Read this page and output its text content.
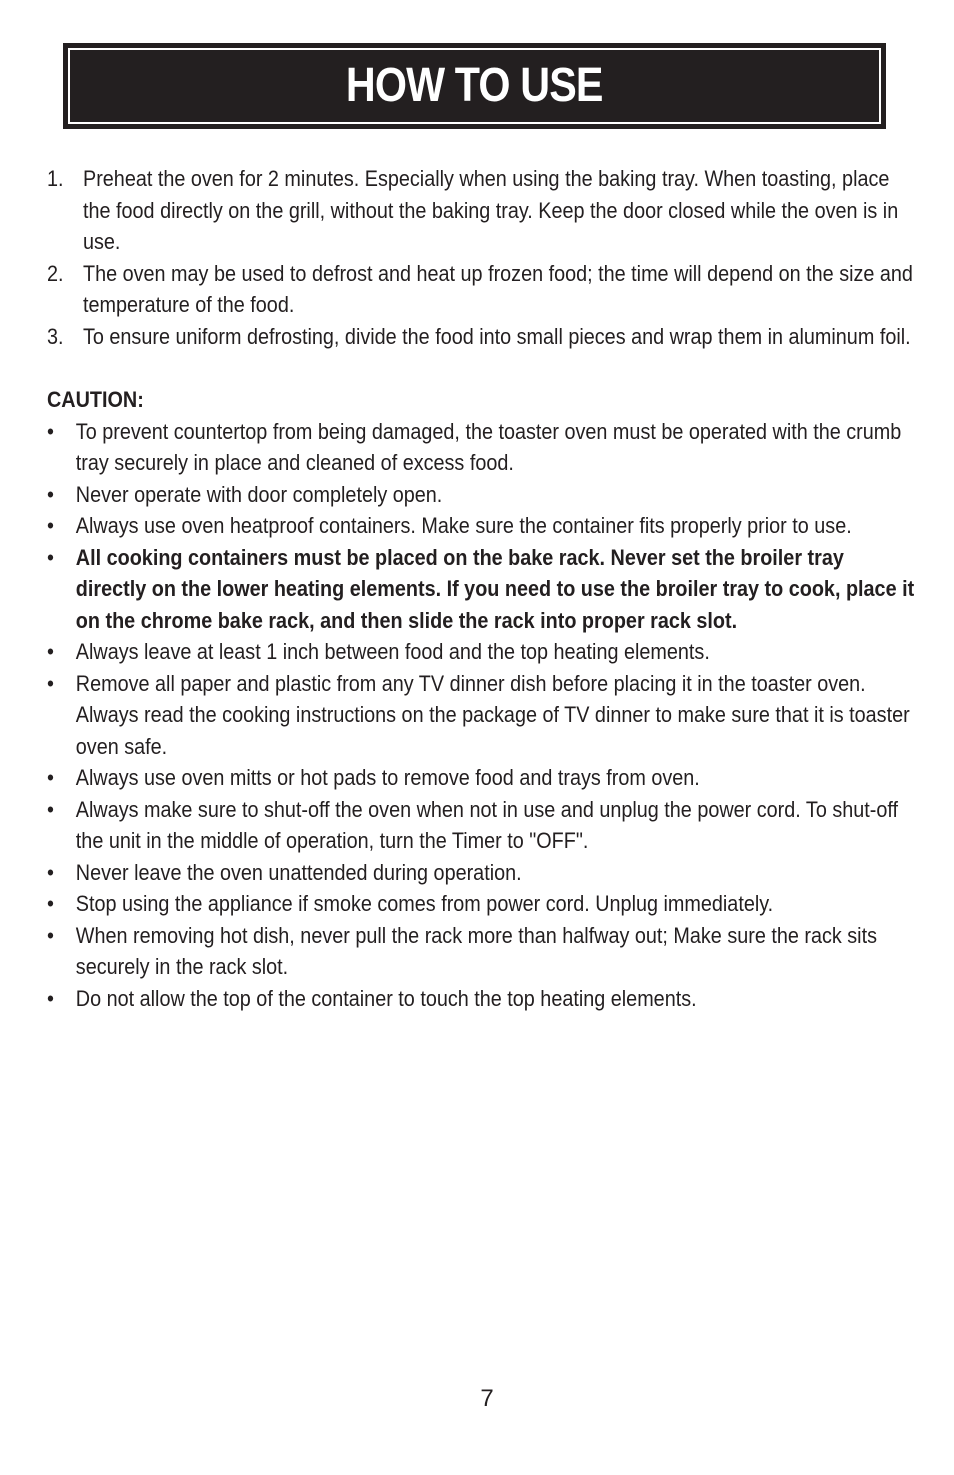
HOW TO USE
1. Preheat the oven for 2 minutes. Especially when using the baking tray. When toasting, place the food directly on the grill, without the baking tray. Keep the door closed while the oven is in use.
2. The oven may be used to defrost and heat up frozen food; the time will depend on the size and temperature of the food.
3. To ensure uniform defrosting, divide the food into small pieces and wrap them in aluminum foil.
CAUTION:
• To prevent countertop from being damaged, the toaster oven must be operated with the crumb tray securely in place and cleaned of excess food.
• Never operate with door completely open.
• Always use oven heatproof containers. Make sure the container fits properly prior to use.
• All cooking containers must be placed on the bake rack. Never set the broiler tray directly on the lower heating elements. If you need to use the broiler tray to cook, place it on the chrome bake rack, and then slide the rack into proper rack slot.
• Always leave at least 1 inch between food and the top heating elements.
• Remove all paper and plastic from any TV dinner dish before placing it in the toaster oven. Always read the cooking instructions on the package of TV dinner to make sure that it is toaster oven safe.
• Always use oven mitts or hot pads to remove food and trays from oven.
• Always make sure to shut-off the oven when not in use and unplug the power cord. To shut-off the unit in the middle of operation, turn the Timer to "OFF".
• Never leave the oven unattended during operation.
• Stop using the appliance if smoke comes from power cord. Unplug immediately.
• When removing hot dish, never pull the rack more than halfway out; Make sure the rack sits securely in the rack slot.
• Do not allow the top of the container to touch the top heating elements.
7
